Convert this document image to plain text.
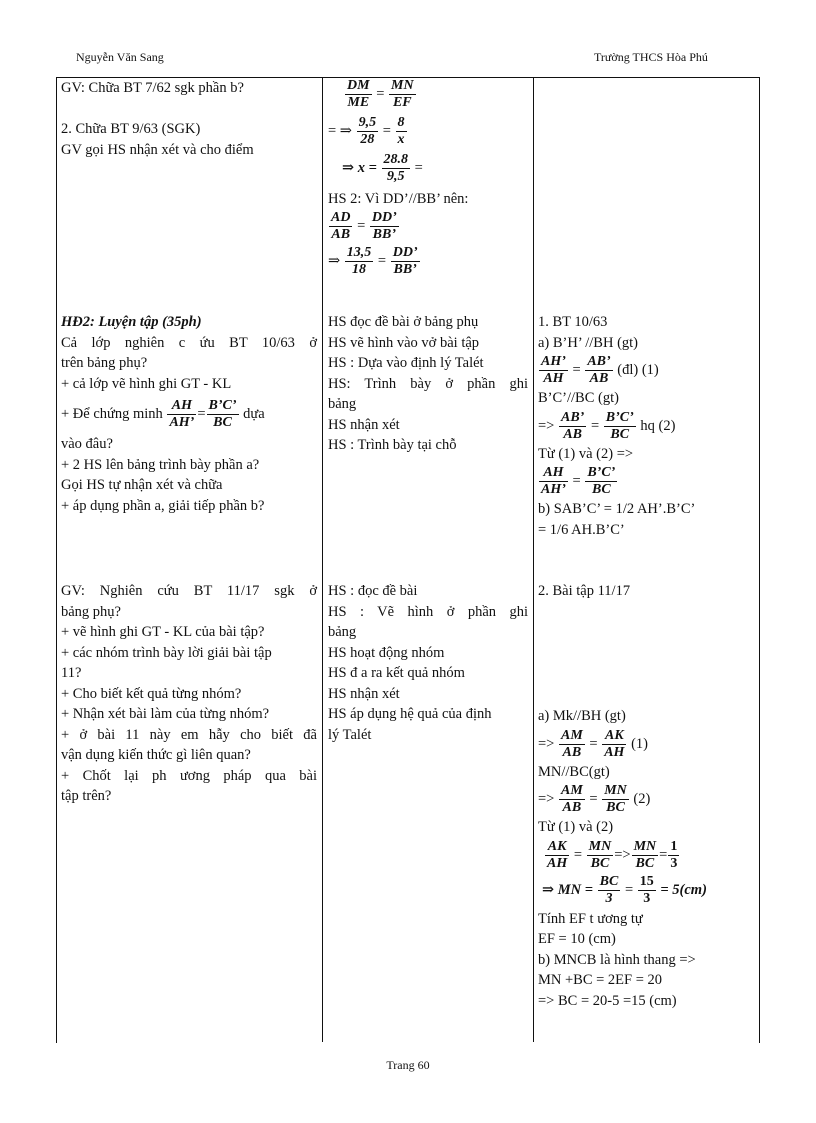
Nguyễn Văn Sang	Trường THCS Hòa Phú
GV: Chữa BT 7/62 sgk phần b?

2. Chữa BT 9/63 (SGK)
GV gọi HS nhận xét và cho điểm
HĐ2: Luyện tập (35ph)
Cả lớp nghiên c ứu BT 10/63 ở
trên bảng phụ?
+ cả lớp vẽ hình ghi GT - KL
+ Để chứng minh $\frac{AH}{AH’} = \frac{B’C’}{BC}$ dựa
vào đâu?
+ 2 HS lên bảng trình bày phần a?
Gọi HS tự nhận xét và chữa
+ áp dụng phần a, giải tiếp phần b?
GV: Nghiên cứu BT 11/17 sgk ở
bảng phụ?
+ vẽ hình ghi GT - KL của bài tập?
+ các nhóm trình bày lời giải bài tập
11?
+ Cho biết kết quả từng nhóm?
+ Nhận xét bài làm của từng nhóm?
+ ở bài 11 này em hẫy cho biết đã
vận dụng kiến thức gì liên quan?
+ Chốt lại ph ương pháp qua bài
tập trên?
$\frac{DM}{ME} = \frac{MN}{EF}$
= ⇒ $\frac{9,5}{28} = \frac{8}{x}$
⇒ $x = \frac{28.8}{9,5}$ =
HS 2: Vì DD’//BB’ nên:
$\frac{AD}{AB} = \frac{DD’}{BB’}$
⇒ $\frac{13,5}{18} = \frac{DD’}{BB’}$
HS đọc đề bài ở bảng phụ
HS vẽ hình vào vở bài tập
HS : Dựa vào định lý Talét
HS: Trình bày ở phần ghi
bảng
HS nhận xét
HS : Trình bày tại chỗ
HS : đọc đề bài
HS : Vẽ hình ở phần ghi
bảng
HS hoạt động nhóm
HS đ a ra kết quả nhóm
HS nhận xét
HS áp dụng hệ quả của định
lý Talét
1. BT 10/63
a) B’H’ //BH (gt)
$\frac{AH’}{AH} = \frac{AB’}{AB}$ (đl) (1)
B’C’//BC (gt)
=> $\frac{AB’}{AB} = \frac{B’C’}{BC}$ hq (2)
Từ (1) và (2) =>
$\frac{AH}{AH’} = \frac{B’C’}{BC}$
b) SAB’C’ = 1/2 AH’.B’C’
= 1/6 AH.B’C’
2. Bài tập 11/17
a) Mk//BH (gt)
=> $\frac{AM}{AB} = \frac{AK}{AH} (1)$
MN//BC(gt)
=> $\frac{AM}{AB} = \frac{MN}{BC} (2)$
Từ (1) và (2)
$\frac{AK}{AH} = \frac{MN}{BC} => \frac{MN}{BC} = \frac{1}{3}$
⇒ MN = $\frac{BC}{3} = \frac{15}{3} = 5(cm)$
Tính EF t ương tự
EF = 10 (cm)
b) MNCB là hình thang =>
MN +BC = 2EF = 20
=> BC = 20-5 =15 (cm)
Trang 60
